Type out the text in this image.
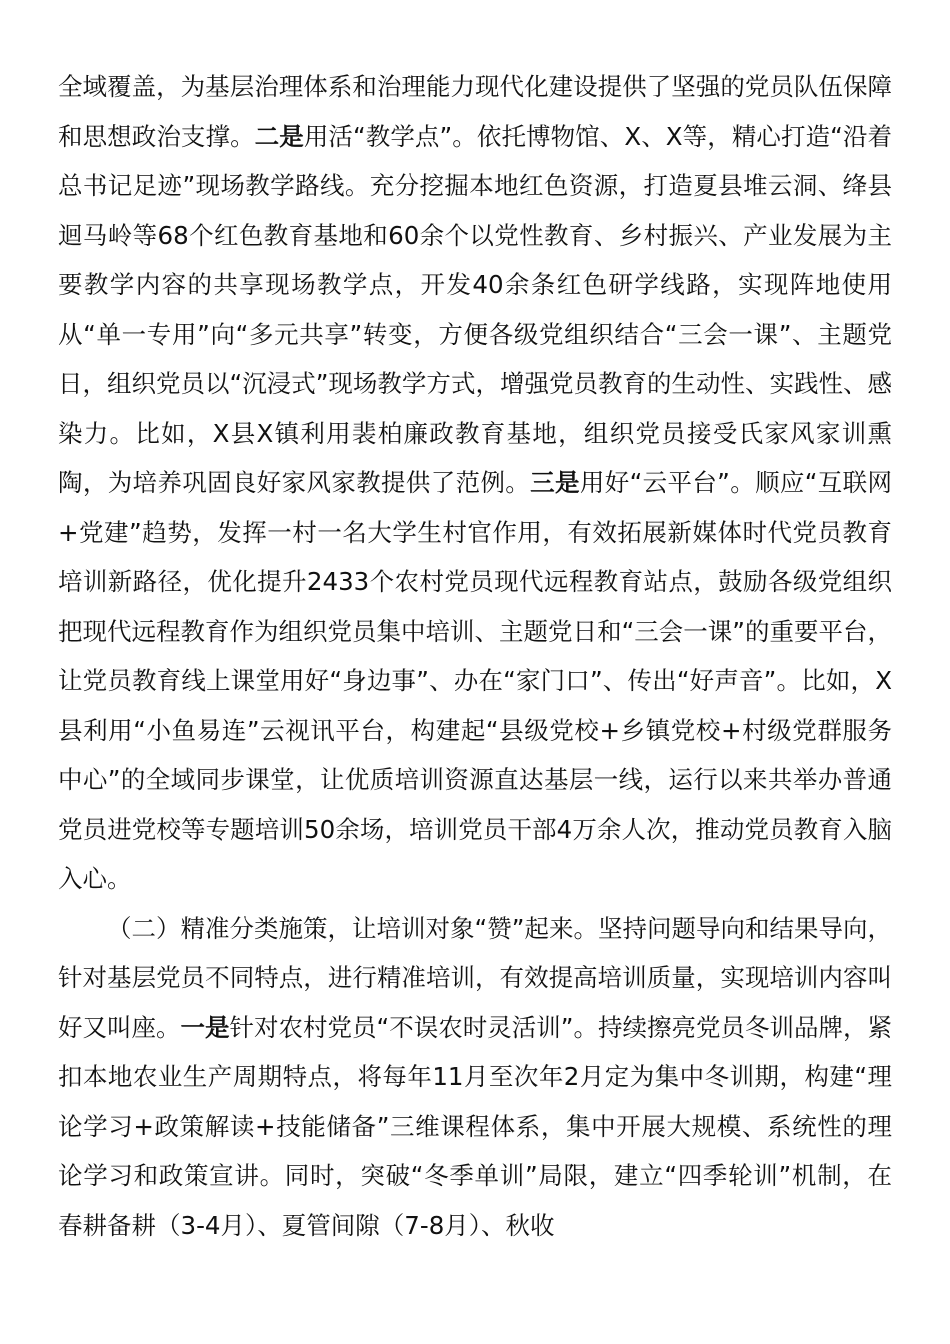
全域覆盖，为基层治理体系和治理能力现代化建设提供了坚强的党员队伍保障和思想政治支撑。二是用活“教学点”。依托博物馆、X、X等，精心打造“沿着总书记足迹”现场教学路线。充分挖掘本地红色资源，打造夏县堆云洞、绛县迴马岭等68个红色教育基地和60余个以党性教育、乡村振兴、产业发展为主要教学内容的共享现场教学点，开发40余条红色研学线路，实现阵地使用从“单一专用”向“多元共享”转变，方便各级党组织结合“三会一课”、主题党日，组织党员以“沉浸式”现场教学方式，增强党员教育的生动性、实践性、感染力。比如，X县X镇利用裴柏廉政教育基地，组织党员接受氏家风家训熏陶，为培养巩固良好家风家教提供了范例。三是用好“云平台”。顺应“互联网+党建”趋势，发挥一村一名大学生村官作用，有效拓展新媒体时代党员教育培训新路径，优化提升2433个农村党员现代远程教育站点，鼓励各级党组织把现代远程教育作为组织党员集中培训、主题党日和“三会一课”的重要平台，让党员教育线上课堂用好“身边事”、办在“家门口”、传出“好声音”。比如，X县利用“小鱼易连”云视讯平台，构建起“县级党校+乡镇党校+村级党群服务中心”的全域同步课堂，让优质培训资源直达基层一线，运行以来共举办普通党员进党校等专题培训50余场，培训党员干部4万余人次，推动党员教育入脑入心。

（二）精准分类施策，让培训对象“赞”起来。坚持问题导向和结果导向，针对基层党员不同特点，进行精准培训，有效提高培训质量，实现培训内容叫好又叫座。一是针对农村党员“不误农时灵活训”。持续擦亮党员冬训品牌，紧扣本地农业生产周期特点，将每年11月至次年2月定为集中冬训期，构建“理论学习+政策解读+技能储备”三维课程体系，集中开展大规模、系统性的理论学习和政策宣讲。同时，突破“冬季单训”局限，建立“四季轮训”机制，在春耕备耕（3-4月）、夏管间隙（7-8月）、秋收
